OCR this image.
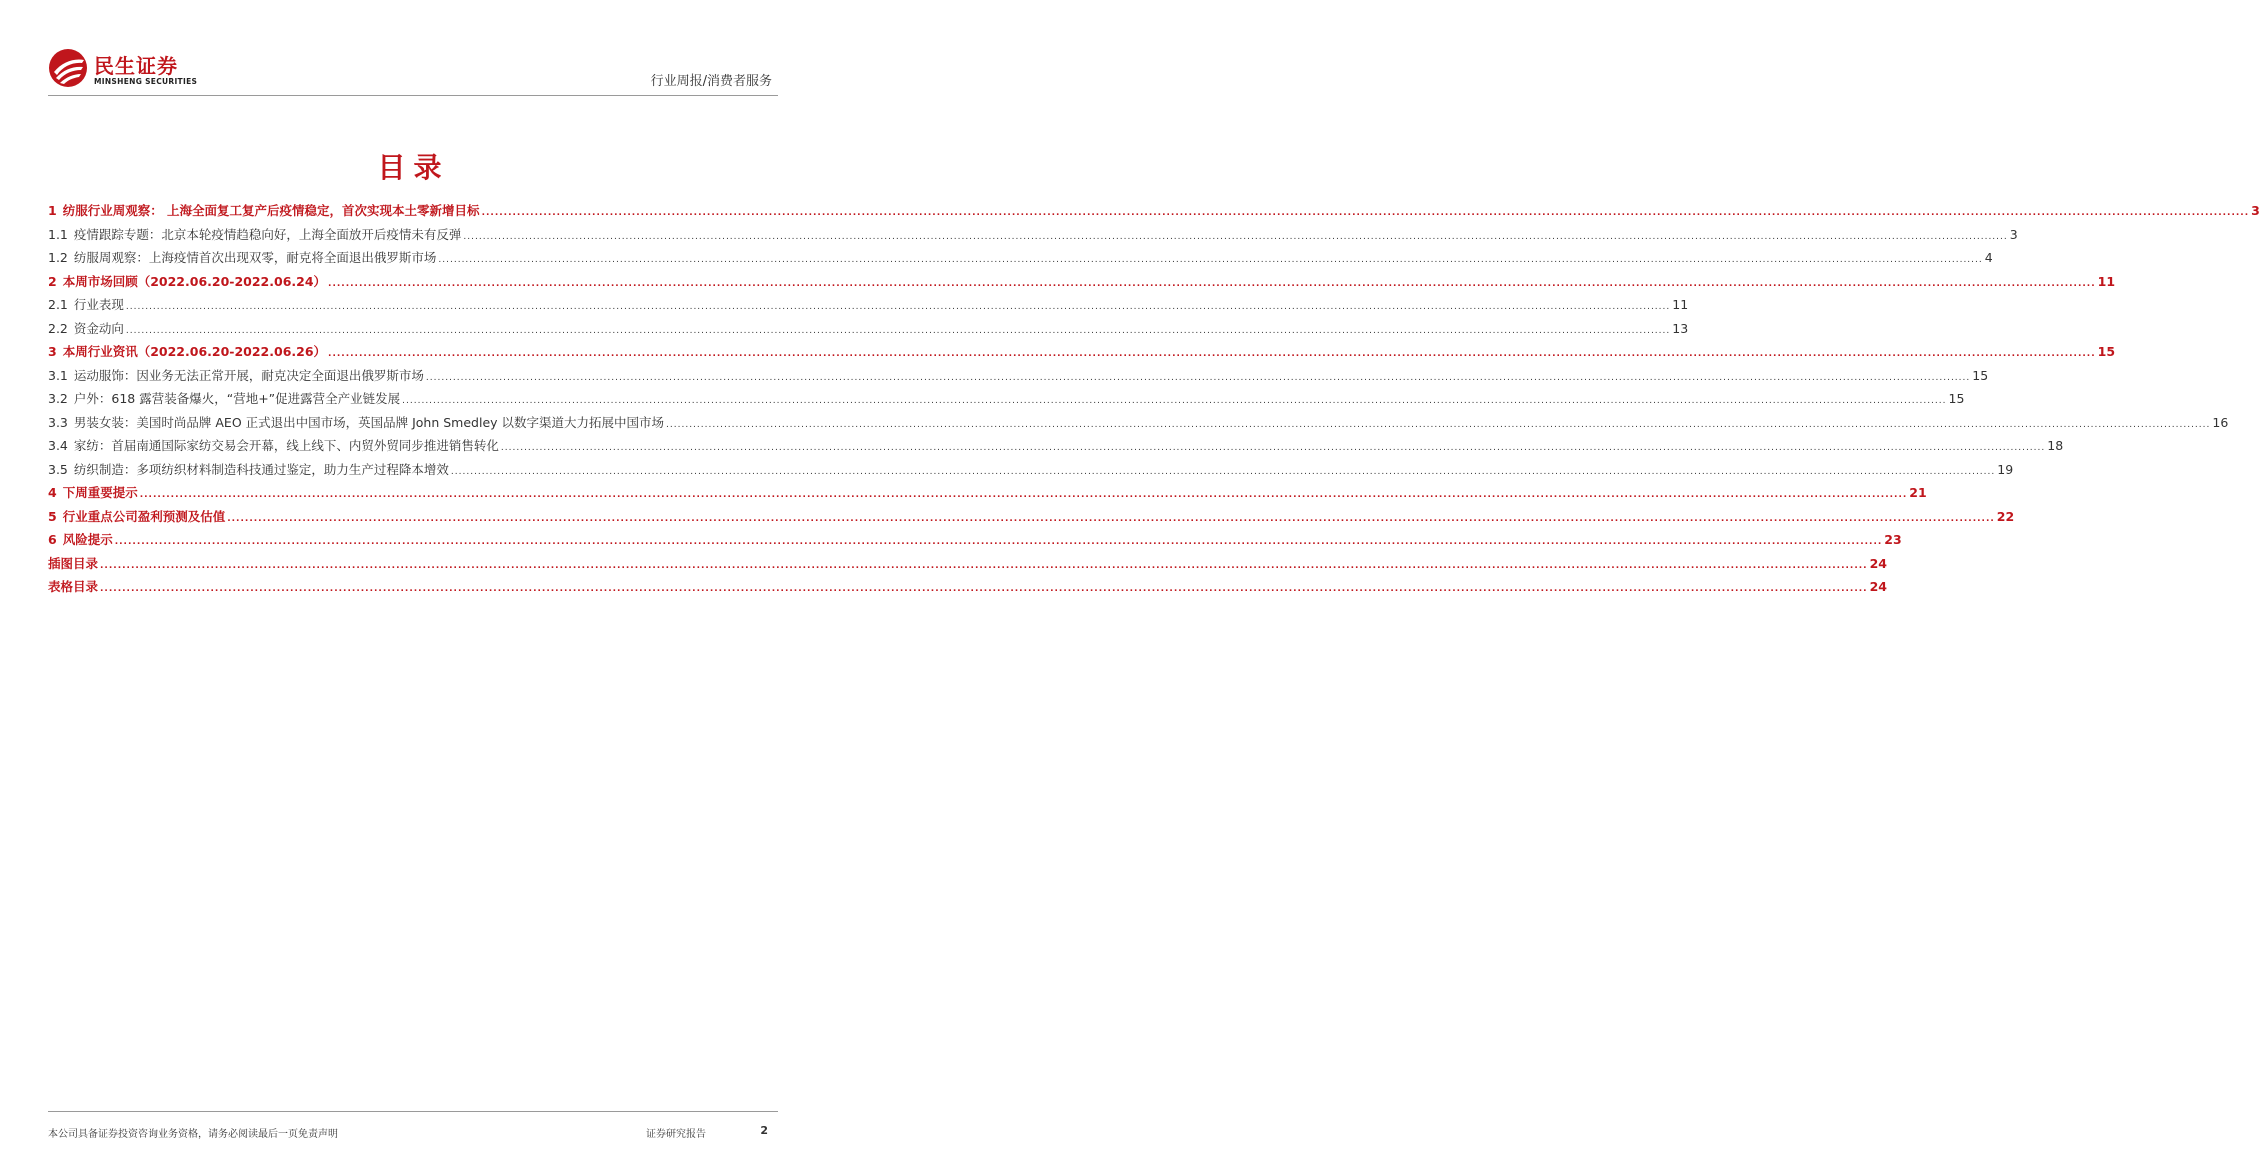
民生证券
MINSHENG SECURITIES	行业周报/消费者服务
目录
1 纺服行业周观察： 上海全面复工复产后疫情稳定，首次实现本土零新增目标 ................................................................................................................................................................................................................................................................................................................................................................................................................ 3
1.1 疫情跟踪专题：北京本轮疫情趋稳向好，上海全面放开后疫情未有反弹 ................................................................................................................................................................................................................................................................................................................................................................................................................ 3
1.2 纺服周观察：上海疫情首次出现双零，耐克将全面退出俄罗斯市场 ................................................................................................................................................................................................................................................................................................................................................................................................................ 4
2 本周市场回顾（2022.06.20-2022.06.24） ................................................................................................................................................................................................................................................................................................................................................................................................................ 11
2.1 行业表现 ................................................................................................................................................................................................................................................................................................................................................................................................................ 11
2.2 资金动向 ................................................................................................................................................................................................................................................................................................................................................................................................................ 13
3 本周行业资讯（2022.06.20-2022.06.26） ................................................................................................................................................................................................................................................................................................................................................................................................................ 15
3.1 运动服饰：因业务无法正常开展，耐克决定全面退出俄罗斯市场 ................................................................................................................................................................................................................................................................................................................................................................................................................ 15
3.2 户外：618 露营装备爆火，“营地+”促进露营全产业链发展 ................................................................................................................................................................................................................................................................................................................................................................................................................ 15
3.3 男装女装：美国时尚品牌 AEO 正式退出中国市场，英国品牌 John Smedley 以数字渠道大力拓展中国市场 ................................................................................................................................................................................................................................................................................................................................................................................................................ 16
3.4 家纺：首届南通国际家纺交易会开幕，线上线下、内贸外贸同步推进销售转化 ................................................................................................................................................................................................................................................................................................................................................................................................................ 18
3.5 纺织制造：多项纺织材料制造科技通过鉴定，助力生产过程降本增效 ................................................................................................................................................................................................................................................................................................................................................................................................................ 19
4 下周重要提示 ................................................................................................................................................................................................................................................................................................................................................................................................................ 21
5 行业重点公司盈利预测及估值 ................................................................................................................................................................................................................................................................................................................................................................................................................ 22
6 风险提示 ................................................................................................................................................................................................................................................................................................................................................................................................................ 23
插图目录 ................................................................................................................................................................................................................................................................................................................................................................................................................ 24
表格目录 ................................................................................................................................................................................................................................................................................................................................................................................................................ 24
本公司具备证券投资咨询业务资格，请务必阅读最后一页免责声明	证券研究报告	2
